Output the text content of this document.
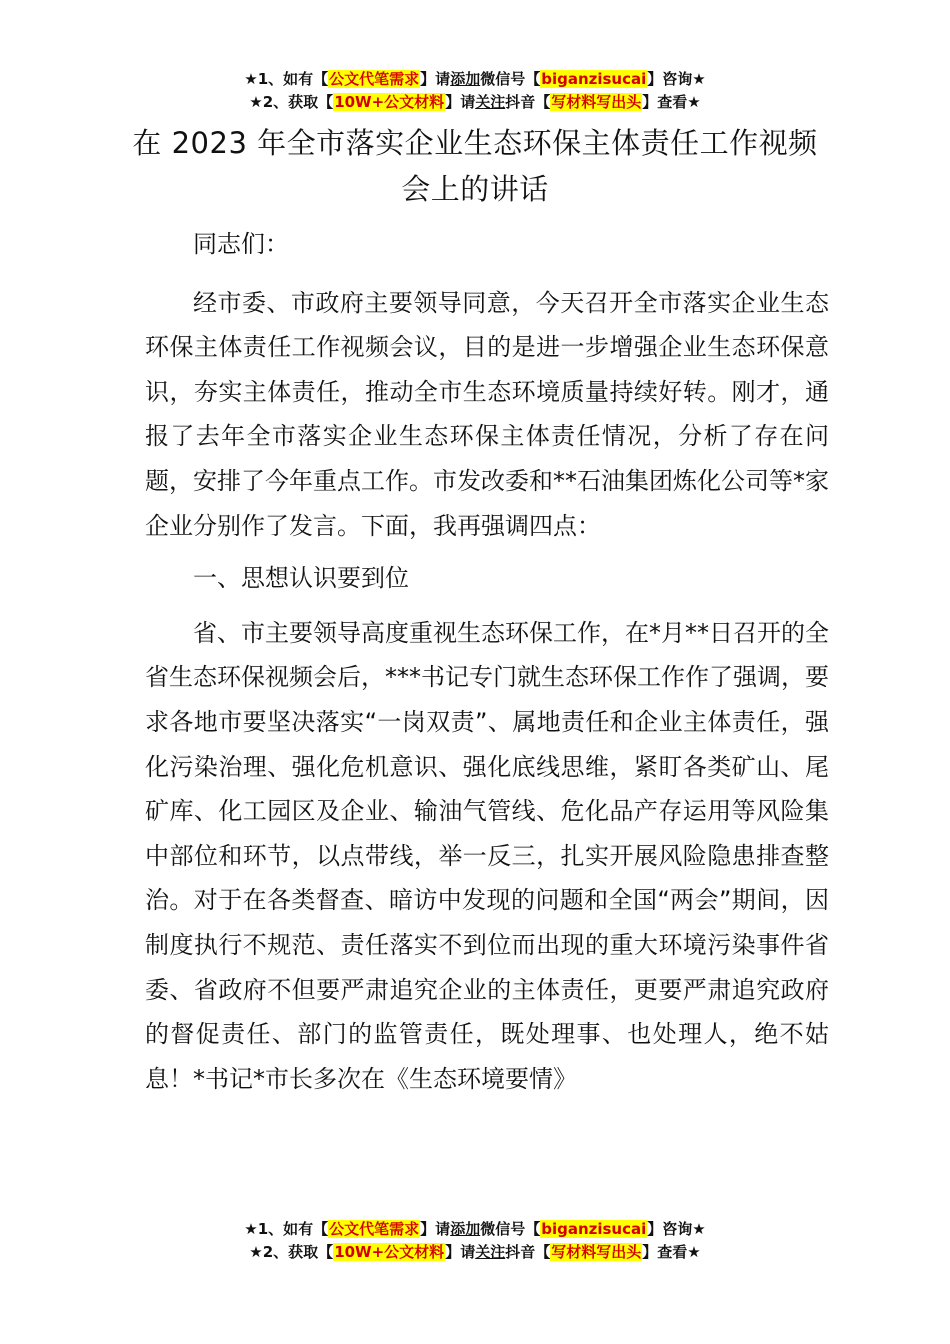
★1、如有【公文代笔需求】请添加微信号【biganzisucai】咨询★
★2、获取【10W+公文材料】请关注抖音【写材料写出头】查看★
在 2023 年全市落实企业生态环保主体责任工作视频会上的讲话

同志们：

经市委、市政府主要领导同意，今天召开全市落实企业生态环保主体责任工作视频会议，目的是进一步增强企业生态环保意识，夯实主体责任，推动全市生态环境质量持续好转。刚才，通报了去年全市落实企业生态环保主体责任情况，分析了存在问题，安排了今年重点工作。市发改委和**石油集团炼化公司等*家企业分别作了发言。下面，我再强调四点：

一、思想认识要到位

省、市主要领导高度重视生态环保工作，在*月**日召开的全省生态环保视频会后，***书记专门就生态环保工作作了强调，要求各地市要坚决落实“一岗双责”、属地责任和企业主体责任，强化污染治理、强化危机意识、强化底线思维，紧盯各类矿山、尾矿库、化工园区及企业、输油气管线、危化品产存运用等风险集中部位和环节，以点带线，举一反三，扎实开展风险隐患排查整治。对于在各类督查、暗访中发现的问题和全国“两会”期间，因制度执行不规范、责任落实不到位而出现的重大环境污染事件省委、省政府不但要严肃追究企业的主体责任，更要严肃追究政府的督促责任、部门的监管责任，既处理事、也处理人，绝不姑息！*书记*市长多次在《生态环境要情》

★1、如有【公文代笔需求】请添加微信号【biganzisucai】咨询★
★2、获取【10W+公文材料】请关注抖音【写材料写出头】查看★
